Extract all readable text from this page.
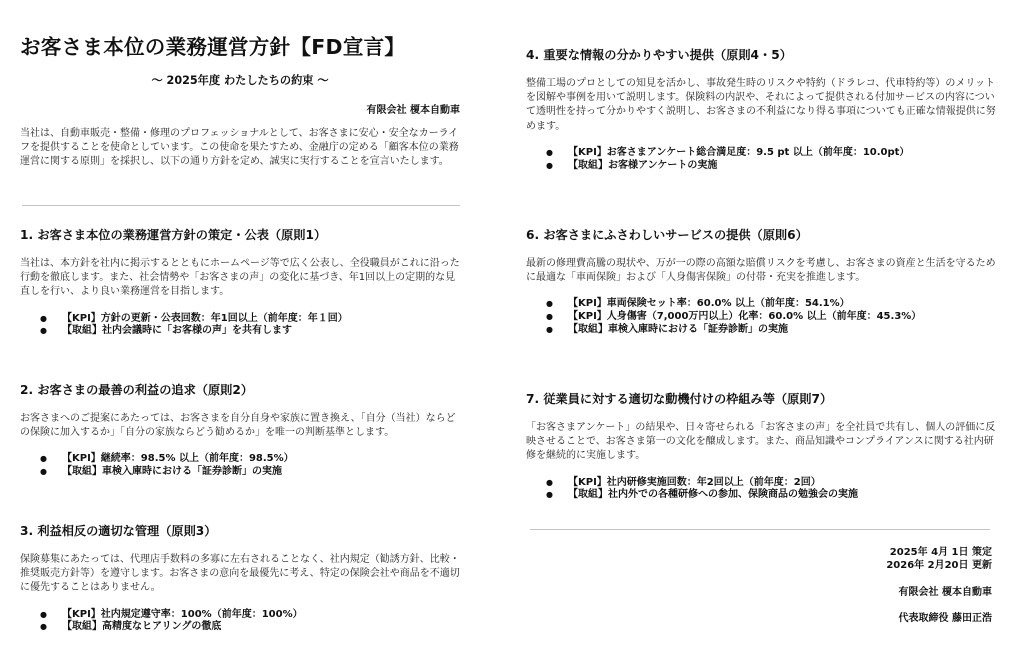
お客さま本位の業務運営方針【FD宣言】
～ 2025年度 わたしたちの約束 ～
有限会社 榎本自動車

当社は、自動車販売・整備・修理のプロフェッショナルとして、お客さまに安心・安全なカーライフを提供することを使命としています。この使命を果たすため、金融庁の定める「顧客本位の業務運営に関する原則」を採択し、以下の通り方針を定め、誠実に実行することを宣言いたします。

1. お客さま本位の業務運営方針の策定・公表（原則1）

当社は、本方針を社内に掲示するとともにホームページ等で広く公表し、全役職員がこれに沿った行動を徹底します。また、社会情勢や「お客さまの声」の変化に基づき、年1回以上の定期的な見直しを行い、より良い業務運営を目指します。

● 【KPI】方針の更新・公表回数：年1回以上（前年度：年１回）
● 【取組】社内会議時に「お客様の声」を共有します
2. お客さまの最善の利益の追求（原則2）

お客さまへのご提案にあたっては、お客さまを自分自身や家族に置き換え、「自分（当社）ならどの保険に加入するか」「自分の家族ならどう勧めるか」を唯一の判断基準とします。

● 【KPI】継続率：98.5% 以上（前年度：98.5%）
● 【取組】車検入庫時における「証券診断」の実施
3. 利益相反の適切な管理（原則3）

保険募集にあたっては、代理店手数料の多寡に左右されることなく、社内規定（勧誘方針、比較・推奨販売方針等）を遵守します。お客さまの意向を最優先に考え、特定の保険会社や商品を不適切に優先することはありません。

● 【KPI】社内規定遵守率：100%（前年度：100%）
● 【取組】高精度なヒアリングの徹底
4. 重要な情報の分かりやすい提供（原則4・5）

整備工場のプロとしての知見を活かし、事故発生時のリスクや特約（ドラレコ、代車特約等）のメリットを図解や事例を用いて説明します。保険料の内訳や、それによって提供される付加サービスの内容について透明性を持って分かりやすく説明し、お客さまの不利益になり得る事項についても正確な情報提供に努めます。

● 【KPI】お客さまアンケート総合満足度：9.5 pt 以上（前年度：10.0pt）
● 【取組】お客様アンケートの実施
6. お客さまにふさわしいサービスの提供（原則6）

最新の修理費高騰の現状や、万が一の際の高額な賠償リスクを考慮し、お客さまの資産と生活を守るために最適な「車両保険」および「人身傷害保険」の付帯・充実を推進します。

● 【KPI】車両保険セット率：60.0% 以上（前年度：54.1%）
● 【KPI】人身傷害（7,000万円以上）化率：60.0% 以上（前年度：45.3%）
● 【取組】車検入庫時における「証券診断」の実施
7. 従業員に対する適切な動機付けの枠組み等（原則7）

「お客さまアンケート」の結果や、日々寄せられる「お客さまの声」を全社員で共有し、個人の評価に反映させることで、お客さま第一の文化を醸成します。また、商品知識やコンプライアンスに関する社内研修を継続的に実施します。

● 【KPI】社内研修実施回数：年2回以上（前年度：2回）
● 【取組】社内外での各種研修への参加、保険商品の勉強会の実施
2025年 4月 1日 策定
2026年 2月20日 更新
有限会社 榎本自動車
代表取締役 藤田正浩
